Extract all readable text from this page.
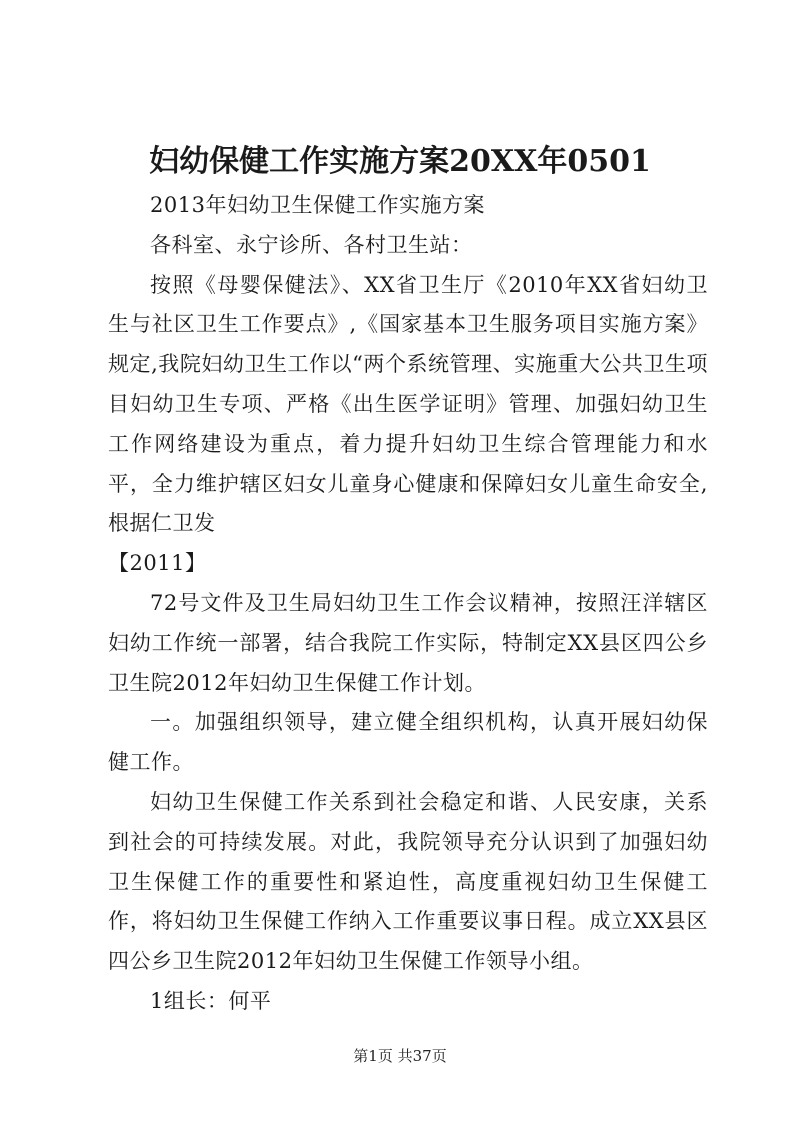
妇幼保健工作实施方案20XX年0501

2013年妇幼卫生保健工作实施方案

各科室、永宁诊所、各村卫生站：

按照《母婴保健法》、XX省卫生厅《2010年XX省妇幼卫生与社区卫生工作要点》,《国家基本卫生服务项目实施方案》规定,我院妇幼卫生工作以“两个系统管理、实施重大公共卫生项目妇幼卫生专项、严格《出生医学证明》管理、加强妇幼卫生工作网络建设为重点，着力提升妇幼卫生综合管理能力和水平，全力维护辖区妇女儿童身心健康和保障妇女儿童生命安全,根据仁卫发

【2011】

72号文件及卫生局妇幼卫生工作会议精神，按照汪洋辖区妇幼工作统一部署，结合我院工作实际，特制定XX县区四公乡卫生院2012年妇幼卫生保健工作计划。

一。加强组织领导，建立健全组织机构，认真开展妇幼保健工作。

妇幼卫生保健工作关系到社会稳定和谐、人民安康，关系到社会的可持续发展。对此，我院领导充分认识到了加强妇幼卫生保健工作的重要性和紧迫性，高度重视妇幼卫生保健工作，将妇幼卫生保健工作纳入工作重要议事日程。成立XX县区四公乡卫生院2012年妇幼卫生保健工作领导小组。

1组长：何平

第1页 共37页
